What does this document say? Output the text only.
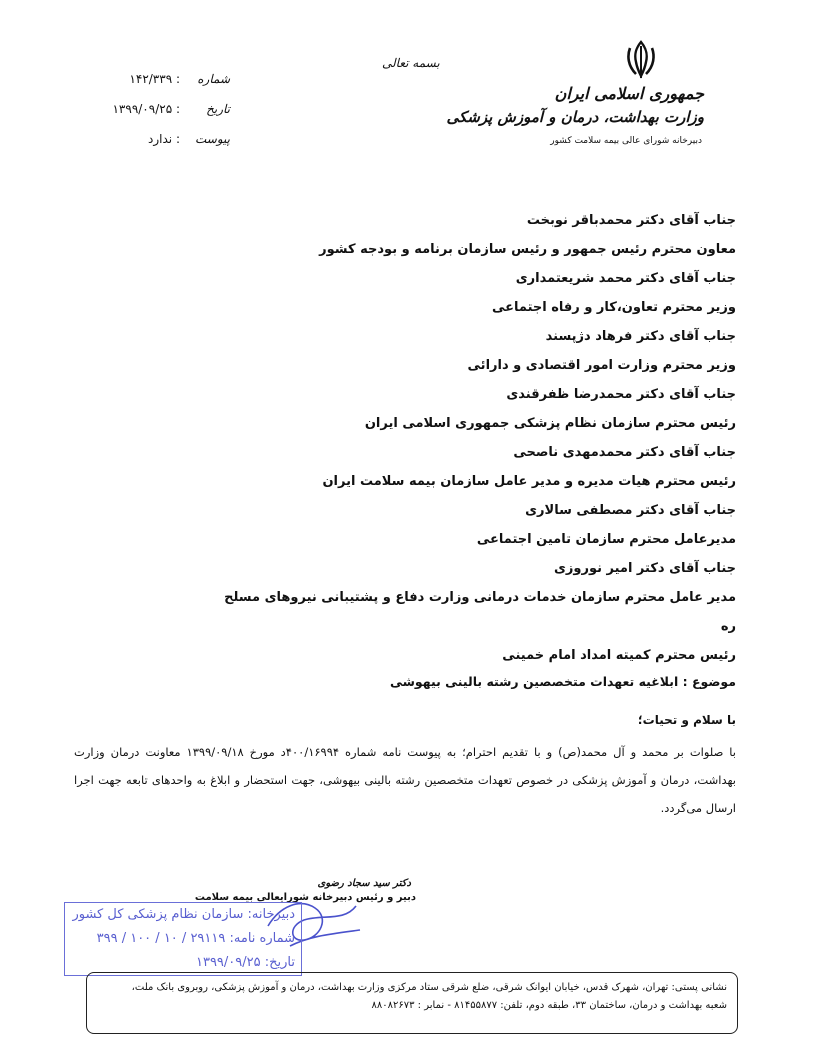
جمهوری اسلامی ایران
وزارت بهداشت، درمان و آموزش پزشکی
دبیرخانه شورای عالی بیمه سلامت کشور
بسمه تعالی
شماره
: ۱۴۲/۳۳۹
تاریخ
: ۱۳۹۹/۰۹/۲۵
پیوست
: ندارد
جناب آقای دکتر محمدباقر نوبخت
معاون محترم رئیس جمهور و رئیس سازمان برنامه و بودجه کشور
جناب آقای دکتر محمد شریعتمداری
وزیر محترم تعاون،کار و رفاه اجتماعی
جناب آقای دکتر فرهاد دژپسند
وزیر محترم وزارت امور اقتصادی و دارائی
جناب آقای دکتر محمدرضا ظفرقندی
رئیس محترم سازمان نظام پزشکی جمهوری اسلامی ایران
جناب آقای دکتر محمدمهدی ناصحی
رئیس محترم هیات مدیره و مدیر عامل سازمان بیمه سلامت ایران
جناب آقای دکتر مصطفی سالاری
مدیرعامل محترم سازمان تامین اجتماعی
جناب آقای دکتر امیر نوروزی
مدیر عامل محترم سازمان خدمات درمانی وزارت دفاع و پشتیبانی نیروهای مسلح
ره
رئیس محترم کمیته امداد امام خمینی
موضوع : ابلاغیه تعهدات متخصصین رشته بالینی بیهوشی
با سلام و تحیات؛
با صلوات بر محمد و آل محمد(ص) و با تقدیم احترام؛ به پیوست نامه شماره ۴۰۰/۱۶۹۹۴د مورخ ۱۳۹۹/۰۹/۱۸ معاونت درمان وزارت بهداشت، درمان و آموزش پزشکی در خصوص تعهدات متخصصین رشته بالینی بیهوشی، جهت استحضار و ابلاغ به واحدهای تابعه جهت اجرا ارسال می‌گردد.
دکتر سید سجاد رضوی
دبیر و رئیس دبیرخانه شورایعالی بیمه سلامت
دبیرخانه: سازمان نظام پزشکی کل کشور
شماره نامه: ۲۹۱۱۹ / ۱۰ / ۱۰۰ / ۳۹۹
تاریخ: ۱۳۹۹/۰۹/۲۵
نشانی پستی: تهران، شهرک قدس، خیابان ایوانک شرقی، ضلع شرقی ستاد مرکزی وزارت بهداشت، درمان و آموزش پزشکی، روبروی بانک ملت،
شعبه بهداشت و درمان، ساختمان ۳۳، طبقه دوم، تلفن: ۸۱۴۵۵۸۷۷ - نمابر : ۸۸۰۸۲۶۷۳
